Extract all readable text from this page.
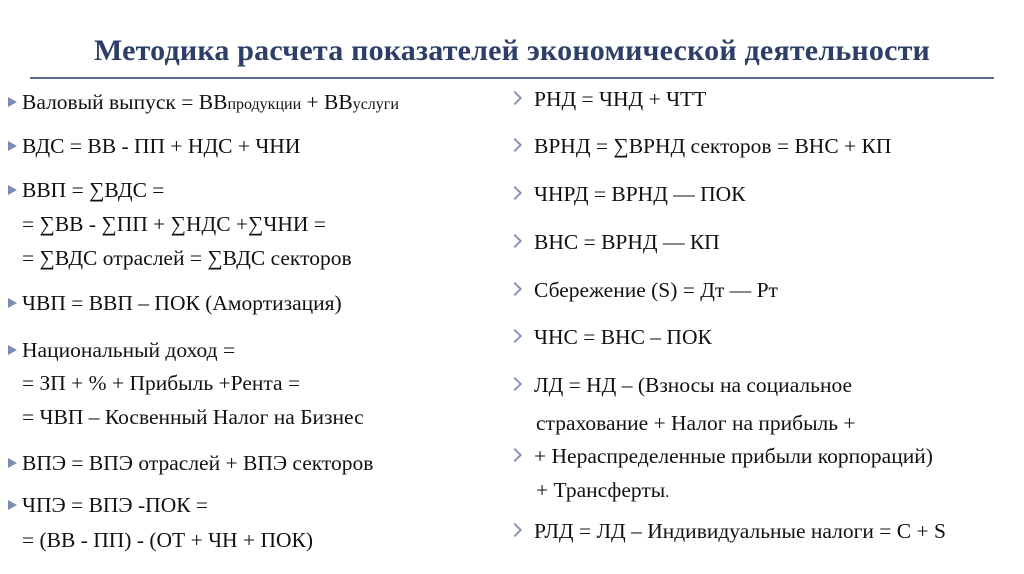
Методика расчета показателей экономической деятельности
Валовый выпуск = ВВпродукции + ВВуслуги
ВДС = ВВ - ПП + НДС + ЧНИ
ВВП = ∑ВДС =
= ∑ВВ - ∑ПП + ∑НДС +∑ЧНИ =
= ∑ВДС отраслей = ∑ВДС секторов
ЧВП = ВВП – ПОК (Амортизация)
Национальный доход =
= ЗП + % + Прибыль +Рента =
= ЧВП – Косвенный Налог на Бизнес
ВПЭ = ВПЭ отраслей + ВПЭ секторов
ЧПЭ = ВПЭ -ПОК =
= (ВВ - ПП) - (ОТ + ЧН + ПОК)
РНД = ЧНД + ЧТТ
ВРНД = ∑ВРНД секторов = ВНС + КП
ЧНРД = ВРНД — ПОК
ВНС = ВРНД — КП
Сбережение (S) = Дт — Рт
ЧНС = ВНС – ПОК
ЛД = НД – (Взносы на социальное
страхование + Налог на прибыль +
+ Нераспределенные прибыли корпораций)
+ Трансферты.
РЛД = ЛД – Индивидуальные налоги = С + S
